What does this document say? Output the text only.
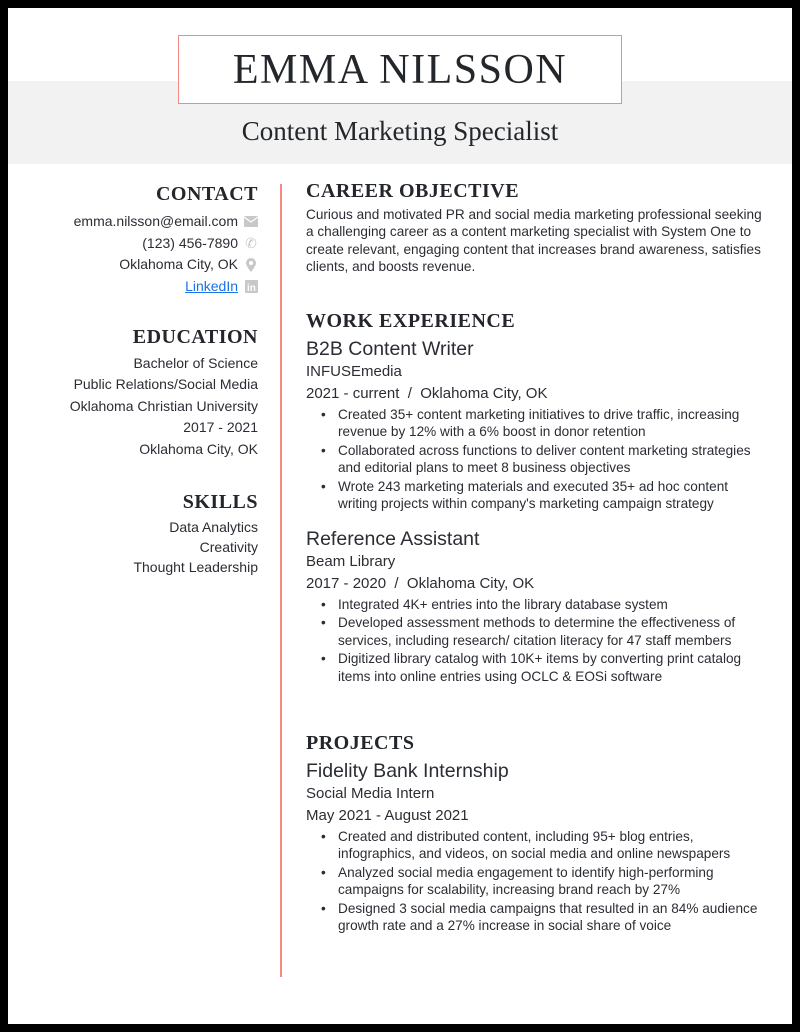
EMMA NILSSON
Content Marketing Specialist
CONTACT
emma.nilsson@email.com
(123) 456-7890 ✆
Oklahoma City, OK
LinkedIn in
EDUCATION
Bachelor of Science
Public Relations/Social Media
Oklahoma Christian University
2017 - 2021
Oklahoma City, OK
SKILLS
Data Analytics
Creativity
Thought Leadership
CAREER OBJECTIVE
Curious and motivated PR and social media marketing professional seeking a challenging career as a content marketing specialist with System One to create relevant, engaging content that increases brand awareness, satisfies clients, and boosts revenue.
WORK EXPERIENCE
B2B Content Writer
INFUSEmedia
2021 - current  /  Oklahoma City, OK
• Created 35+ content marketing initiatives to drive traffic, increasing revenue by 12% with a 6% boost in donor retention
• Collaborated across functions to deliver content marketing strategies and editorial plans to meet 8 business objectives
• Wrote 243 marketing materials and executed 35+ ad hoc content writing projects within company's marketing campaign strategy
Reference Assistant
Beam Library
2017 - 2020  /  Oklahoma City, OK
• Integrated 4K+ entries into the library database system
• Developed assessment methods to determine the effectiveness of services, including research/ citation literacy for 47 staff members
• Digitized library catalog with 10K+ items by converting print catalog items into online entries using OCLC & EOSi software
PROJECTS
Fidelity Bank Internship
Social Media Intern
May 2021 - August 2021
• Created and distributed content, including 95+ blog entries, infographics, and videos, on social media and online newspapers
• Analyzed social media engagement to identify high-performing campaigns for scalability, increasing brand reach by 27%
• Designed 3 social media campaigns that resulted in an 84% audience growth rate and a 27% increase in social share of voice
